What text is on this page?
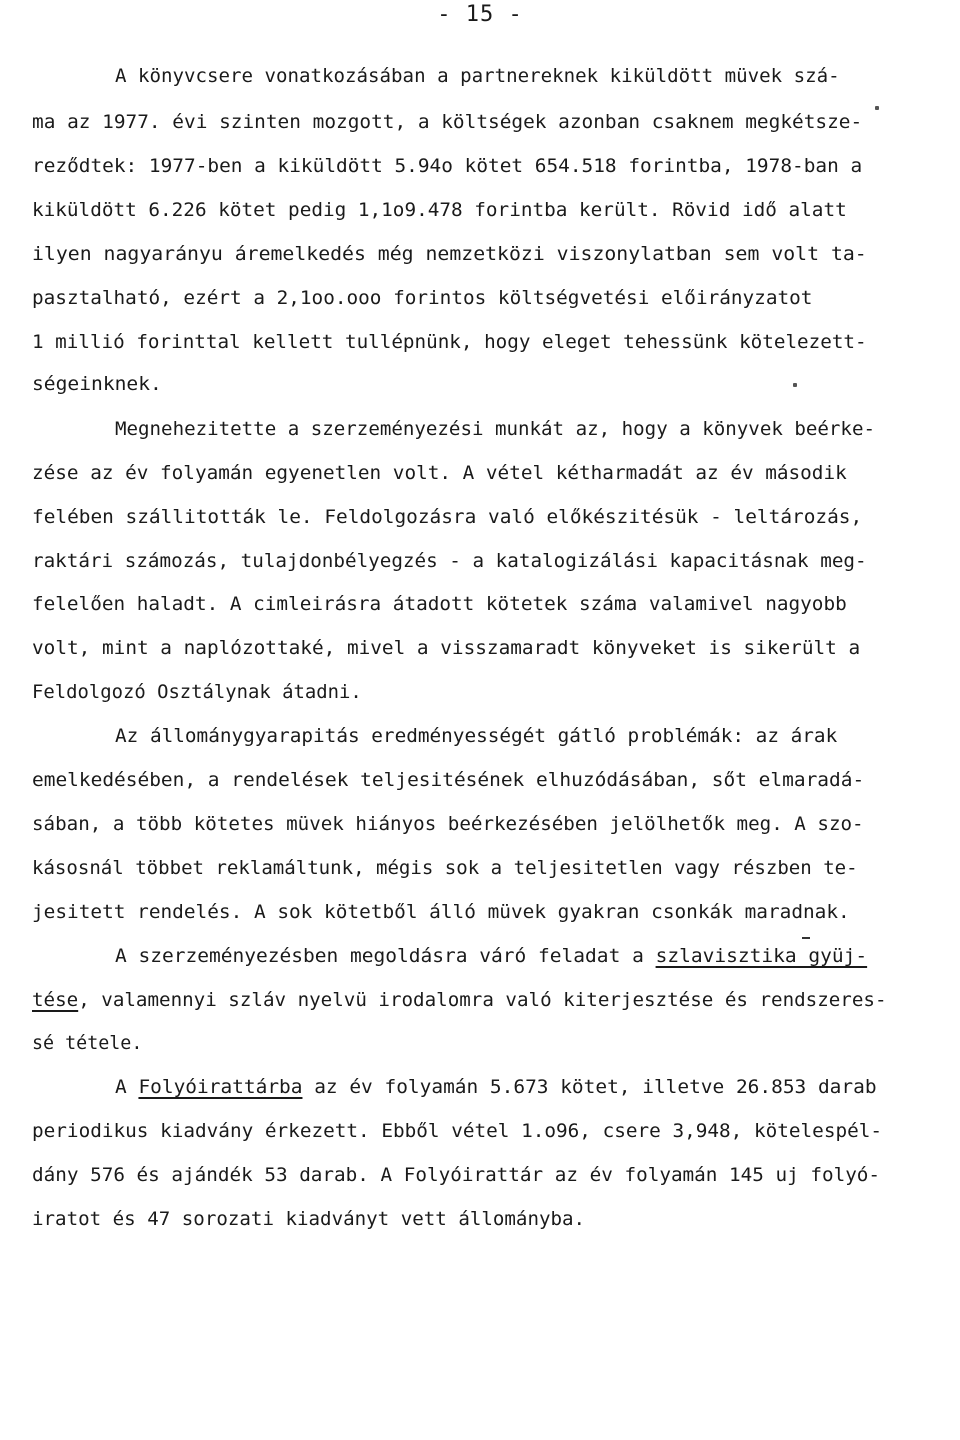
- 15 -
A könyvcsere vonatkozásában a partnereknek kiküldött müvek szá-
ma az 1977. évi szinten mozgott, a költségek azonban csaknem megkétsze-
reződtek: 1977-ben a kiküldött 5.94o kötet 654.518 forintba, 1978-ban a
kiküldött 6.226 kötet pedig 1,1o9.478 forintba került. Rövid idő alatt
ilyen nagyarányu áremelkedés még nemzetközi viszonylatban sem volt ta-
pasztalható, ezért a 2,1oo.ooo forintos költségvetési előirányzatot
1 millió forinttal kellett tullépnünk, hogy eleget tehessünk kötelezett-
ségeinknek.
Megnehezitette a szerzeményezési munkát az, hogy a könyvek beérke-
zése az év folyamán egyenetlen volt. A vétel kétharmadát az év második
felében szállitották le. Feldolgozásra való előkészitésük - leltározás,
raktári számozás, tulajdonbélyegzés - a katalogizálási kapacitásnak meg-
felelően haladt. A cimleirásra átadott kötetek száma valamivel nagyobb
volt, mint a naplózottaké, mivel a visszamaradt könyveket is sikerült a
Feldolgozó Osztálynak átadni.
Az állománygyarapitás eredményességét gátló problémák: az árak
emelkedésében, a rendelések teljesitésének elhuzódásában, sőt elmaradá-
sában, a több kötetes müvek hiányos beérkezésében jelölhetők meg. A szo-
kásosnál többet reklamáltunk, mégis sok a teljesitetlen vagy részben te-
jesitett rendelés. A sok kötetből álló müvek gyakran csonkák maradnak.
A szerzeményezésben megoldásra váró feladat a szlavisztika gyüj-
tése, valamennyi szláv nyelvü irodalomra való kiterjesztése és rendszeres-
sé tétele.
A Folyóirattárba az év folyamán 5.673 kötet, illetve 26.853 darab
periodikus kiadvány érkezett. Ebből vétel 1.o96, csere 3,948, kötelespél-
dány 576 és ajándék 53 darab. A Folyóirattár az év folyamán 145 uj folyó-
iratot és 47 sorozati kiadványt vett állományba.
